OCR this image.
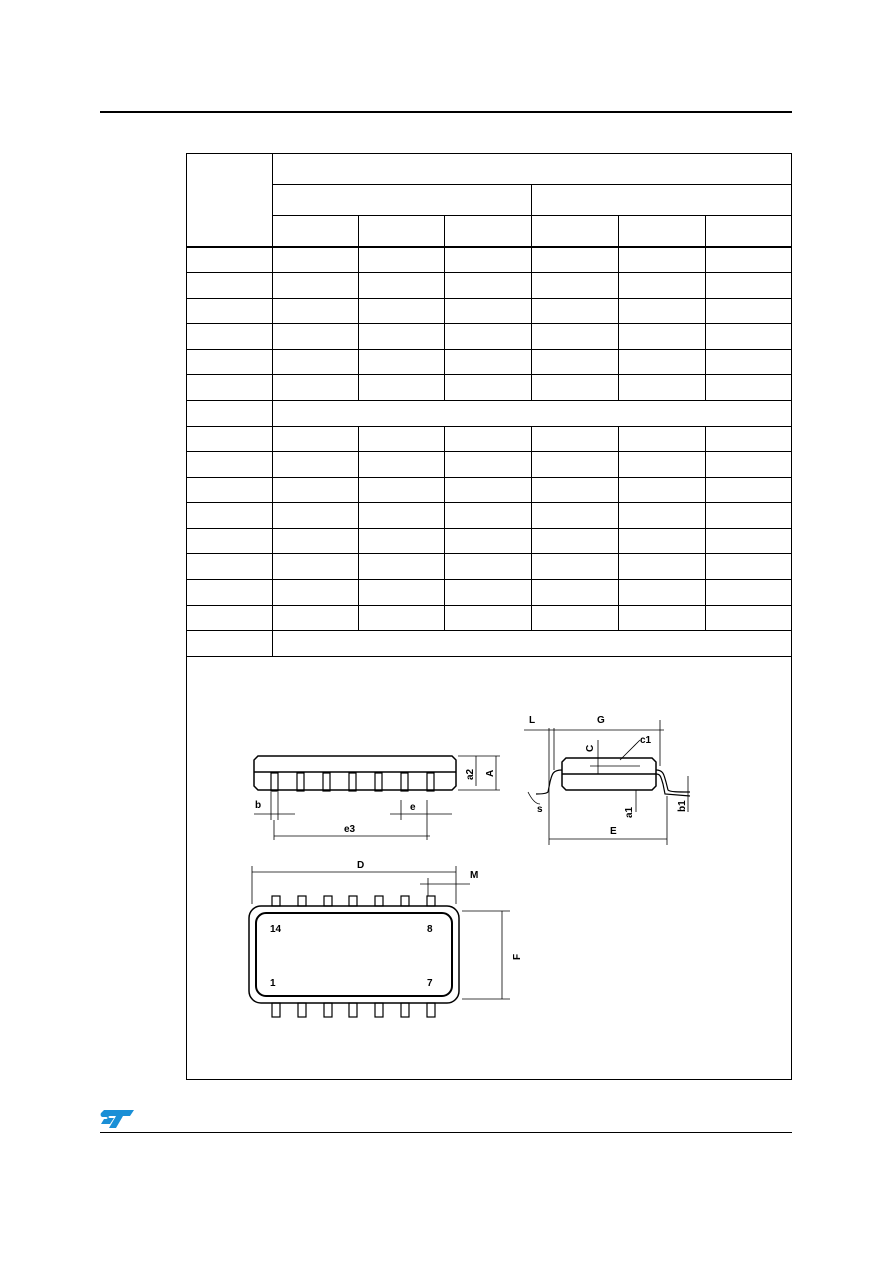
L	G
c1
C
a2 A
b	e
e3
s	a1
b1
E
D
M
F
14	8
1	7
